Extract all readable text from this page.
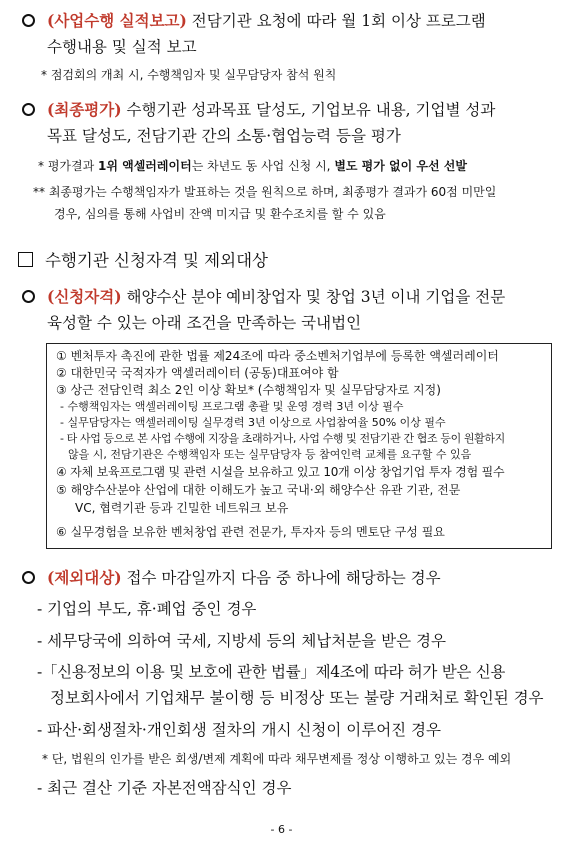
(사업수행 실적보고) 전담기관 요청에 따라 월 1회 이상 프로그램
수행내용 및 실적 보고
* 점검회의 개최 시, 수행책임자 및 실무담당자 참석 원칙
(최종평가) 수행기관 성과목표 달성도, 기업보유 내용, 기업별 성과
목표 달성도, 전담기관 간의 소통·협업능력 등을 평가
* 평가결과 1위 액셀러레이터는 차년도 동 사업 신청 시, 별도 평가 없이 우선 선발
** 최종평가는 수행책임자가 발표하는 것을 원칙으로 하며, 최종평가 결과가 60점 미만일
경우, 심의를 통해 사업비 잔액 미지급 및 환수조치를 할 수 있음
수행기관 신청자격 및 제외대상
(신청자격) 해양수산 분야 예비창업자 및 창업 3년 이내 기업을 전문
육성할 수 있는 아래 조건을 만족하는 국내법인
① 벤처투자 촉진에 관한 법률 제24조에 따라 중소벤처기업부에 등록한 액셀러레이터
② 대한민국 국적자가 액셀러레이터 (공동)대표여야 함
③ 상근 전담인력 최소 2인 이상 확보* (수행책임자 및 실무담당자로 지정)
- 수행책임자는 액셀러레이팅 프로그램 총괄 및 운영 경력 3년 이상 필수
- 실무담당자는 액셀러레이팅 실무경력 3년 이상으로 사업참여율 50% 이상 필수
- 타 사업 등으로 본 사업 수행에 지장을 초래하거나, 사업 수행 및 전담기관 간 협조 등이 원활하지
않을 시, 전담기관은 수행책임자 또는 실무담당자 등 참여인력 교체를 요구할 수 있음
④ 자체 보육프로그램 및 관련 시설을 보유하고 있고 10개 이상 창업기업 투자 경험 필수
⑤ 해양수산분야 산업에 대한 이해도가 높고 국내·외 해양수산 유관 기관, 전문
VC, 협력기관 등과 긴밀한 네트워크 보유
⑥ 실무경험을 보유한 벤처창업 관련 전문가, 투자자 등의 멘토단 구성 필요
(제외대상) 접수 마감일까지 다음 중 하나에 해당하는 경우
- 기업의 부도, 휴·폐업 중인 경우
- 세무당국에 의하여 국세, 지방세 등의 체납처분을 받은 경우
-「신용정보의 이용 및 보호에 관한 법률」제4조에 따라 허가 받은 신용
정보회사에서 기업채무 불이행 등 비정상 또는 불량 거래처로 확인된 경우
- 파산·회생절차·개인회생 절차의 개시 신청이 이루어진 경우
* 단, 법원의 인가를 받은 회생/변제 계획에 따라 채무변제를 정상 이행하고 있는 경우 예외
- 최근 결산 기준 자본전액잠식인 경우
- 6 -
